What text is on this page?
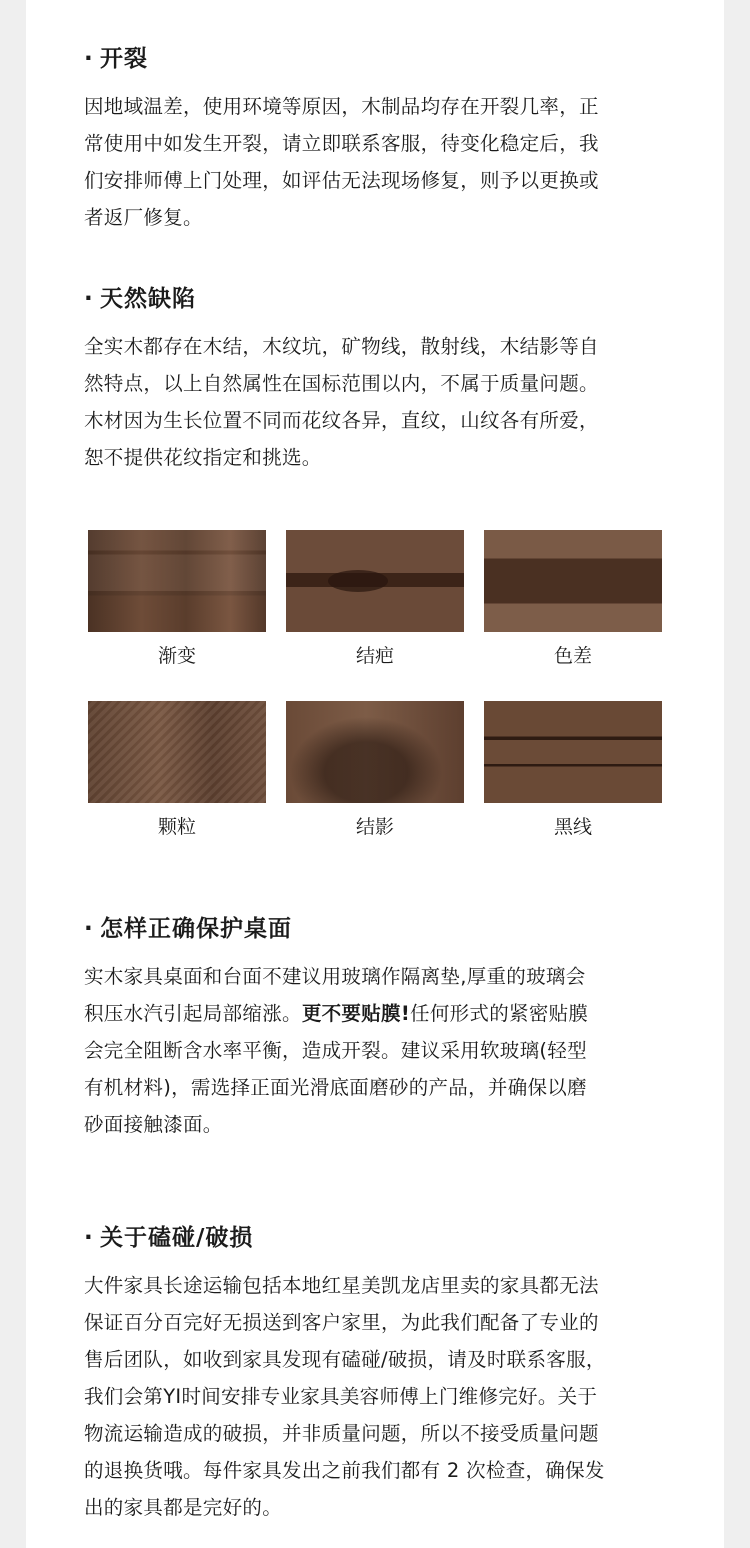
· 开裂
因地域温差，使用环境等原因，木制品均存在开裂几率，正
常使用中如发生开裂，请立即联系客服，待变化稳定后，我
们安排师傅上门处理，如评估无法现场修复，则予以更换或
者返厂修复。
· 天然缺陷
全实木都存在木结，木纹坑，矿物线，散射线，木结影等自
然特点，以上自然属性在国标范围以内，不属于质量问题。
木材因为生长位置不同而花纹各异，直纹，山纹各有所爱，
恕不提供花纹指定和挑选。
渐变	结疤	色差
颗粒	结影	黑线
· 怎样正确保护桌面
实木家具桌面和台面不建议用玻璃作隔离垫,厚重的玻璃会
积压水汽引起局部缩涨。更不要贴膜!任何形式的紧密贴膜
会完全阻断含水率平衡，造成开裂。建议采用软玻璃(轻型
有机材料)，需选择正面光滑底面磨砂的产品，并确保以磨
砂面接触漆面。
· 关于磕碰/破损
大件家具长途运输包括本地红星美凯龙店里卖的家具都无法
保证百分百完好无损送到客户家里，为此我们配备了专业的
售后团队，如收到家具发现有磕碰/破损，请及时联系客服，
我们会第YI时间安排专业家具美容师傅上门维修完好。关于
物流运输造成的破损，并非质量问题，所以不接受质量问题
的退换货哦。每件家具发出之前我们都有 2 次检查，确保发
出的家具都是完好的。
